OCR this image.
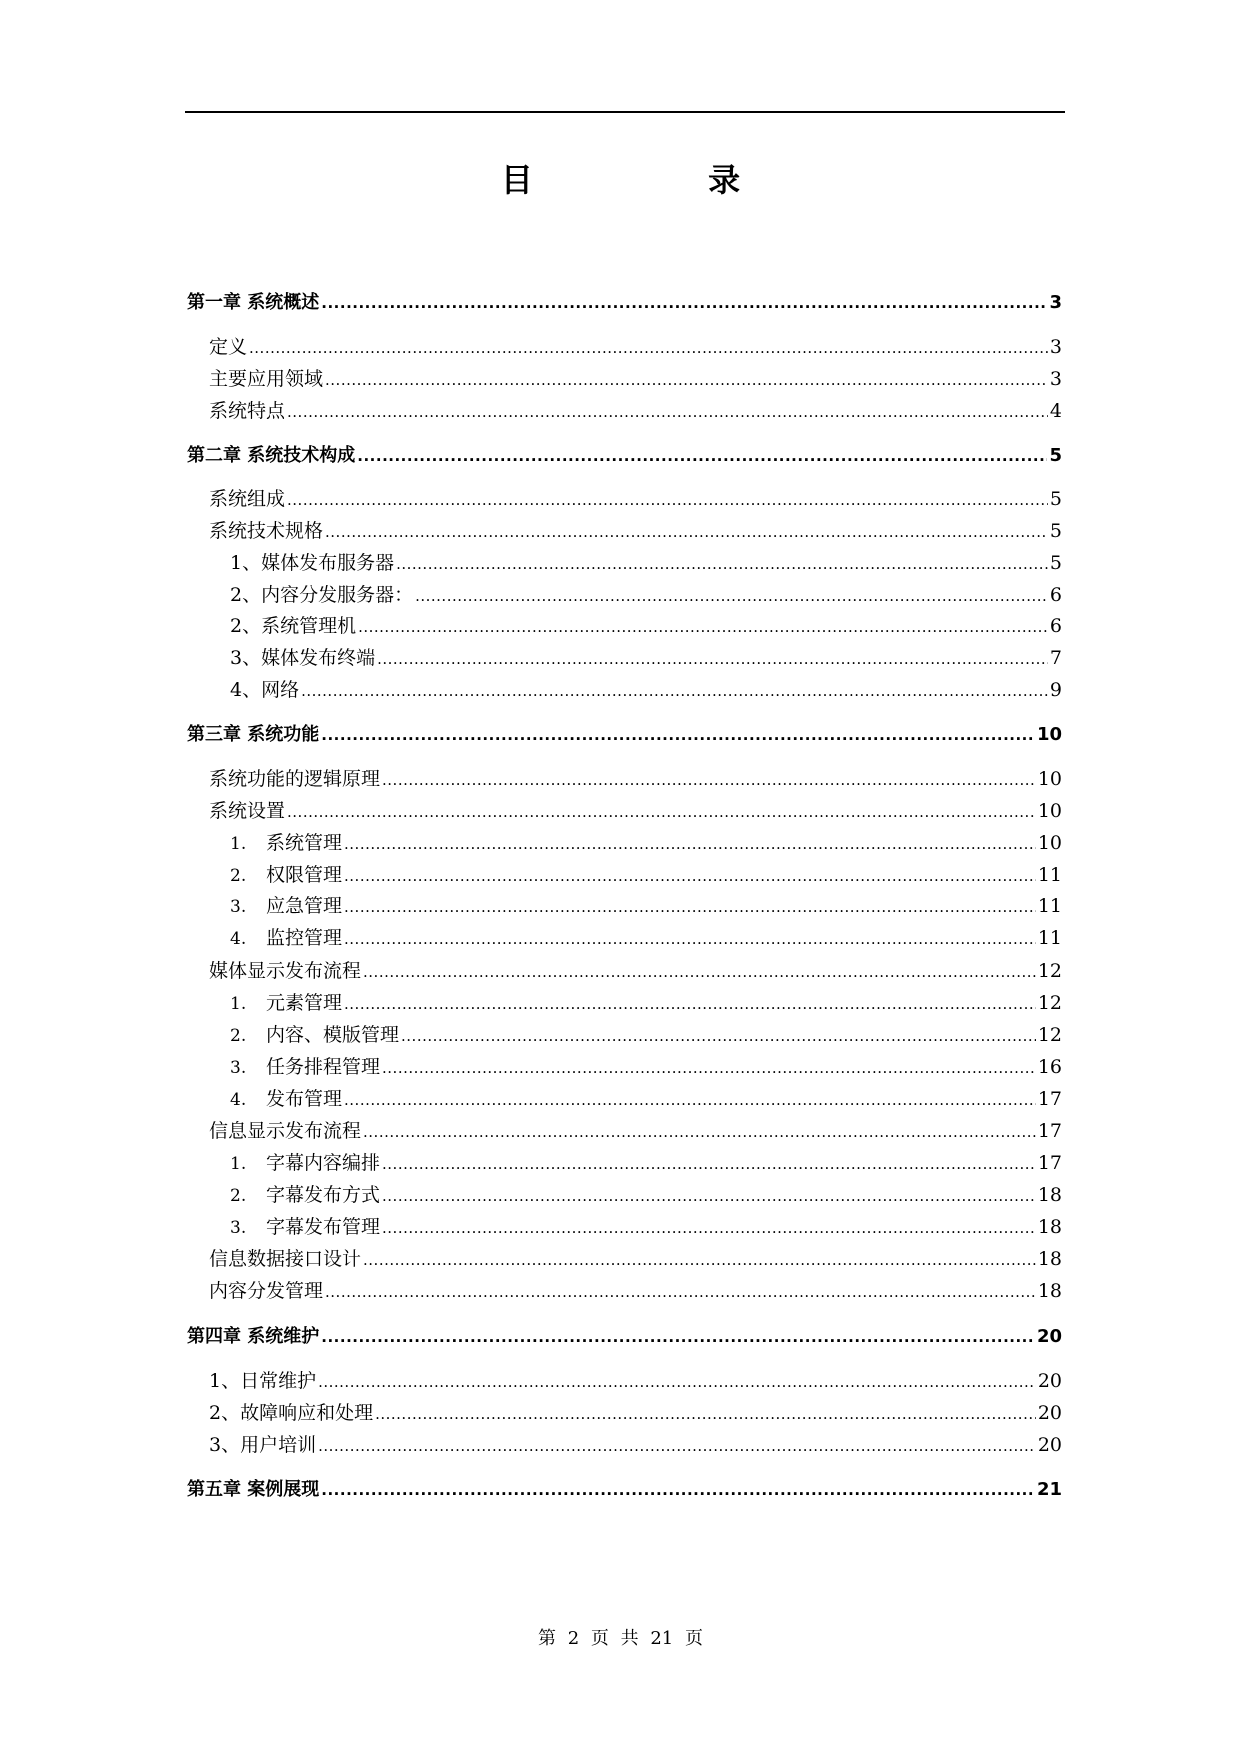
目 录
第一章 系统概述 .....	3
定义 .....	3
主要应用领域 .....	3
系统特点 .....	4
第二章 系统技术构成 .....	5
系统组成 .....	5
系统技术规格 .....	5
1、媒体发布服务器 .....	5
2、内容分发服务器： .....	6
2、系统管理机 .....	6
3、媒体发布终端 .....	7
4、网络 .....	9
第三章 系统功能 .....	10
系统功能的逻辑原理 .....	10
系统设置 .....	10
1.	系统管理 .....	10
2.	权限管理 .....	11
3.	应急管理 .....	11
4.	监控管理 .....	11
媒体显示发布流程 .....	12
1.	元素管理 .....	12
2.	内容、模版管理 .....	12
3.	任务排程管理 .....	16
4.	发布管理 .....	17
信息显示发布流程 .....	17
1.	字幕内容编排 .....	17
2.	字幕发布方式 .....	18
3.	字幕发布管理 .....	18
信息数据接口设计 .....	18
内容分发管理 .....	18
第四章 系统维护 .....	20
1、日常维护 .....	20
2、故障响应和处理 .....	20
3、用户培训 .....	20
第五章 案例展现 .....	21
第 2 页 共 21 页
